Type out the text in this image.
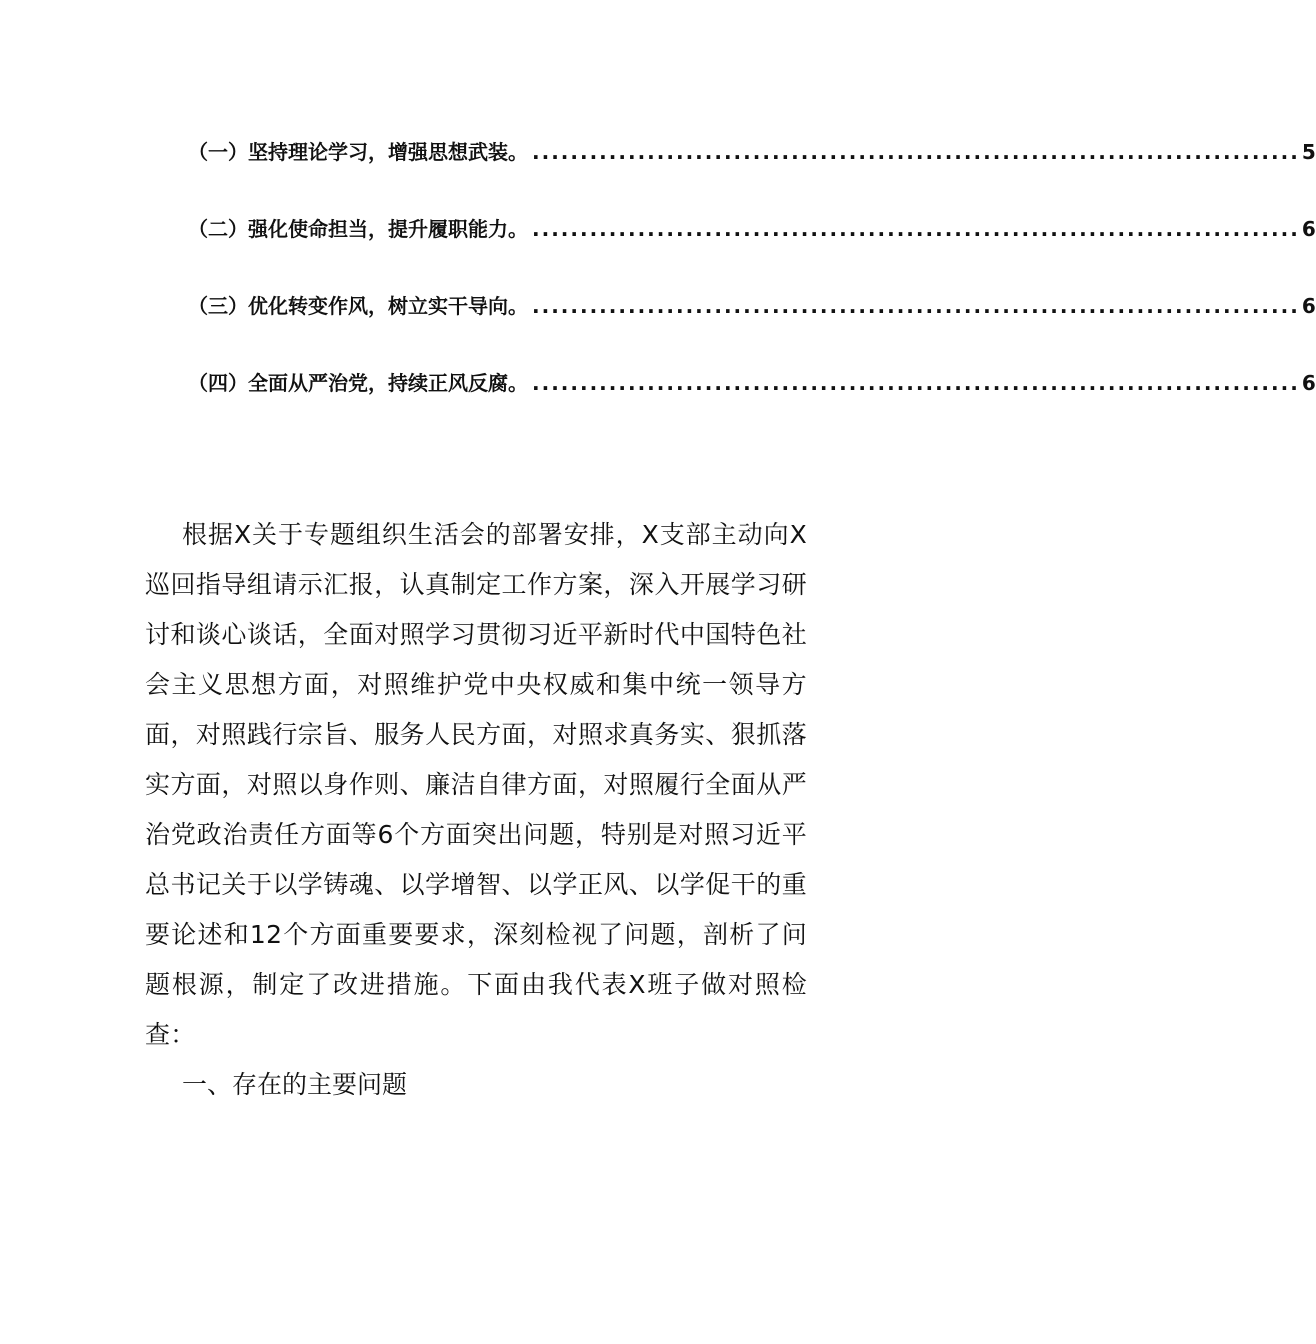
（一）坚持理论学习，增强思想武装。 ................................................................................ 5
（二）强化使命担当，提升履职能力。 ................................................................................ 6
（三）优化转变作风，树立实干导向。 ................................................................................ 6
（四）全面从严治党，持续正风反腐。 ................................................................................ 6

根据X关于专题组织生活会的部署安排，X支部主动向X巡回指导组请示汇报，认真制定工作方案，深入开展学习研讨和谈心谈话，全面对照学习贯彻习近平新时代中国特色社会主义思想方面，对照维护党中央权威和集中统一领导方面，对照践行宗旨、服务人民方面，对照求真务实、狠抓落实方面，对照以身作则、廉洁自律方面，对照履行全面从严治党政治责任方面等6个方面突出问题，特别是对照习近平总书记关于以学铸魂、以学增智、以学正风、以学促干的重要论述和12个方面重要要求，深刻检视了问题，剖析了问题根源，制定了改进措施。下面由我代表X班子做对照检查：

一、存在的主要问题
